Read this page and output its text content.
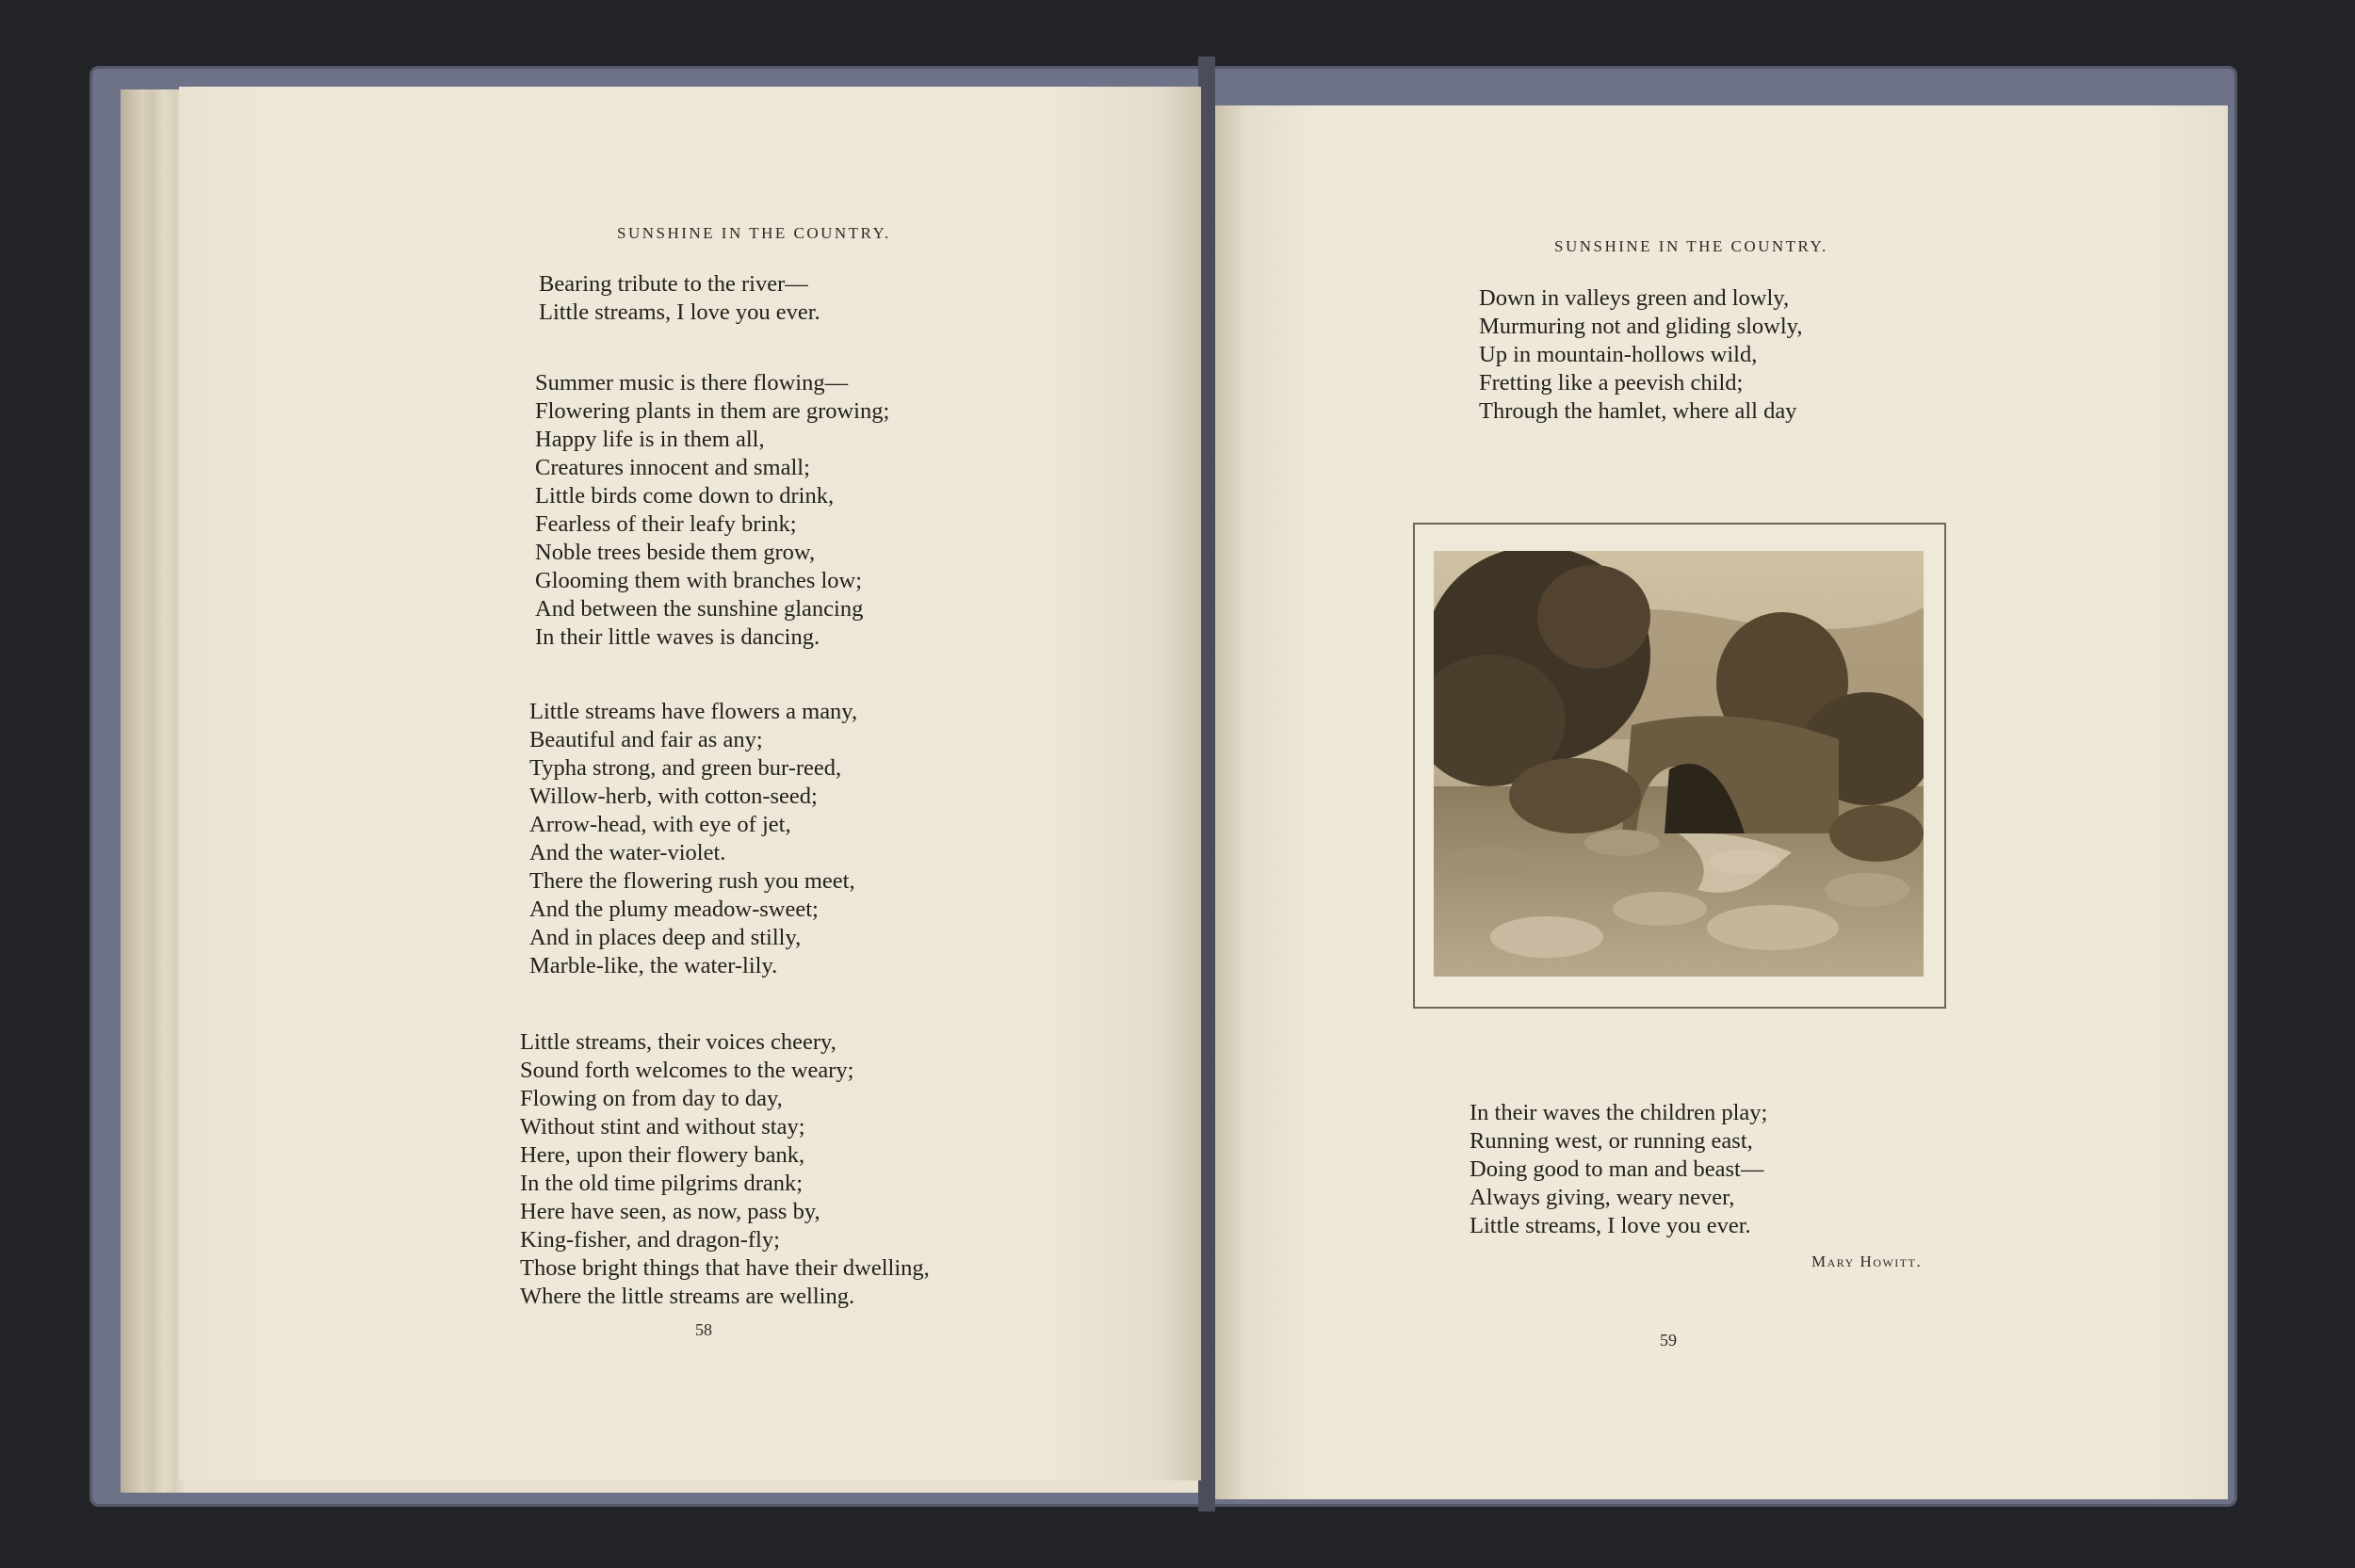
SUNSHINE IN THE COUNTRY.
Bearing tribute to the river—
Little streams, I love you ever.
Summer music is there flowing—
Flowering plants in them are growing;
Happy life is in them all,
Creatures innocent and small;
Little birds come down to drink,
Fearless of their leafy brink;
Noble trees beside them grow,
Glooming them with branches low;
And between the sunshine glancing
In their little waves is dancing.
Little streams have flowers a many,
Beautiful and fair as any;
Typha strong, and green bur-reed,
Willow-herb, with cotton-seed;
Arrow-head, with eye of jet,
And the water-violet.
There the flowering rush you meet,
And the plumy meadow-sweet;
And in places deep and stilly,
Marble-like, the water-lily.
Little streams, their voices cheery,
Sound forth welcomes to the weary;
Flowing on from day to day,
Without stint and without stay;
Here, upon their flowery bank,
In the old time pilgrims drank;
Here have seen, as now, pass by,
King-fisher, and dragon-fly;
Those bright things that have their dwelling,
Where the little streams are welling.
58
SUNSHINE IN THE COUNTRY.
Down in valleys green and lowly,
Murmuring not and gliding slowly,
Up in mountain-hollows wild,
Fretting like a peevish child;
Through the hamlet, where all day
In their waves the children play;
Running west, or running east,
Doing good to man and beast—
Always giving, weary never,
Little streams, I love you ever.
Mary Howitt.
59
